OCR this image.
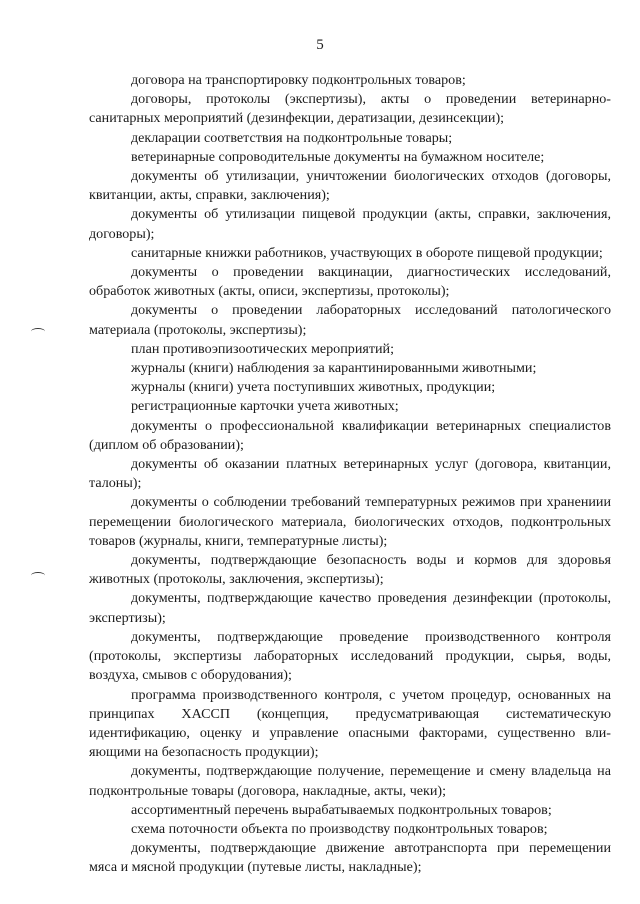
5

договора на транспортировку подконтрольных товаров;

договоры, протоколы (экспертизы), акты о проведении ветеринарно-санитарных мероприятий (дезинфекции, дератизации, дезинсекции);

декларации соответствия на подконтрольные товары;

ветеринарные сопроводительные документы на бумажном носителе;

документы об утилизации, уничтожении биологических отходов (договоры, квитанции, акты, справки, заключения);

документы об утилизации пищевой продукции (акты, справки, заключения, договоры);

санитарные книжки работников, участвующих в обороте пищевой продукции;

документы о проведении вакцинации, диагностических исследований, обработок животных (акты, описи, экспертизы, протоколы);

документы о проведении лабораторных исследований патологического материала (протоколы, экспертизы);

план противоэпизоотических мероприятий;

журналы (книги) наблюдения за карантинированными животными;

журналы (книги) учета поступивших животных, продукции;

регистрационные карточки учета животных;

документы о профессиональной квалификации ветеринарных специалистов (диплом об образовании);

документы об оказании платных ветеринарных услуг (договора, квитанции, талоны);

документы о соблюдении требований температурных режимов при хранениии перемещении биологического материала, биологических отходов, подконтрольных товаров (журналы, книги, температурные листы);

документы, подтверждающие безопасность воды и кормов для здоровья животных (протоколы, заключения, экспертизы);

документы, подтверждающие качество проведения дезинфекции (протоколы, экспертизы);

документы, подтверждающие проведение производственного контроля (протоколы, экспертизы лабораторных исследований продукции, сырья, воды, воздуха, смывов с оборудования);

программа производственного контроля, с учетом процедур, основанных на принципах ХАССП (концепция, предусматривающая систематическую идентификацию, оценку и управление опасными факторами, существенно влияющими на безопасность продукции);

документы, подтверждающие получение, перемещение и смену владельца на подконтрольные товары (договора, накладные, акты, чеки);

ассортиментный перечень вырабатываемых подконтрольных товаров;

схема поточности объекта по производству подконтрольных товаров;

документы, подтверждающие движение автотранспорта при перемещении мяса и мясной продукции (путевые листы, накладные);
